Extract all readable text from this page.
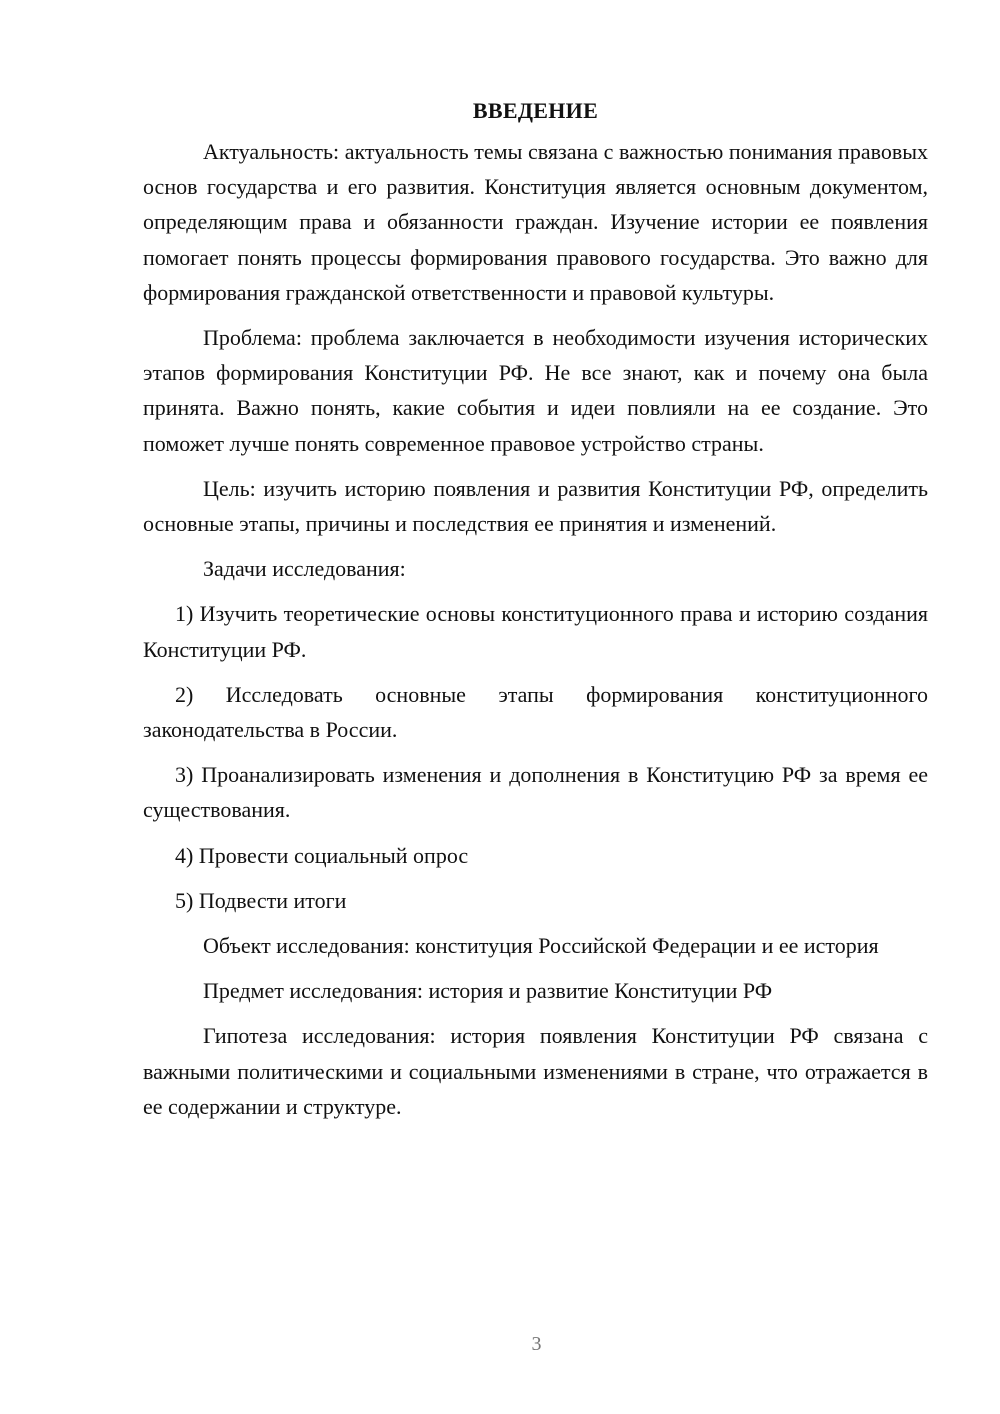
ВВЕДЕНИЕ

Актуальность: актуальность темы связана с важностью понимания правовых основ государства и его развития. Конституция является основным документом, определяющим права и обязанности граждан. Изучение истории ее появления помогает понять процессы формирования правового государства. Это важно для формирования гражданской ответственности и правовой культуры.

Проблема: проблема заключается в необходимости изучения исторических этапов формирования Конституции РФ. Не все знают, как и почему она была принята. Важно понять, какие события и идеи повлияли на ее создание. Это поможет лучше понять современное правовое устройство страны.

Цель: изучить историю появления и развития Конституции РФ, определить основные этапы, причины и последствия ее принятия и изменений.

Задачи исследования:

1) Изучить теоретические основы конституционного права и историю создания Конституции РФ.

2) Исследовать основные этапы формирования конституционного законодательства в России.

3) Проанализировать изменения и дополнения в Конституцию РФ за время ее существования.

4) Провести социальный опрос

5) Подвести итоги

Объект исследования: конституция Российской Федерации и ее история

Предмет исследования: история и развитие Конституции РФ

Гипотеза исследования: история появления Конституции РФ связана с важными политическими и социальными изменениями в стране, что отражается в ее содержании и структуре.

3
